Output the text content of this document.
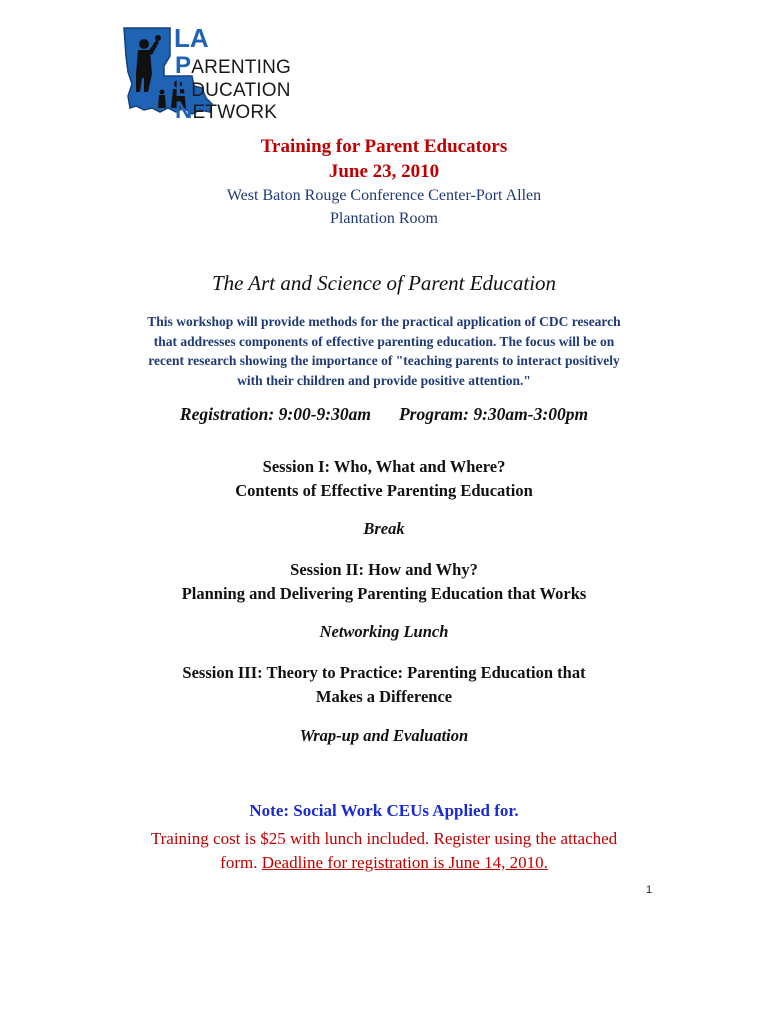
LA
PARENTING
EDUCATION
NETWORK
Training for Parent Educators
June 23, 2010
West Baton Rouge Conference Center-Port Allen
Plantation Room
The Art and Science of Parent Education
This workshop will provide methods for the practical application of CDC research
that addresses components of effective parenting education. The focus will be on
recent research showing the importance of "teaching parents to interact positively
with their children and provide positive attention."
Registration: 9:00-9:30am Program: 9:30am-3:00pm
Session I: Who, What and Where?
Contents of Effective Parenting Education
Break
Session II: How and Why?
Planning and Delivering Parenting Education that Works
Networking Lunch
Session III: Theory to Practice: Parenting Education that
Makes a Difference
Wrap-up and Evaluation
Note: Social Work CEUs Applied for.
Training cost is $25 with lunch included. Register using the attached
form. Deadline for registration is June 14, 2010.
1
